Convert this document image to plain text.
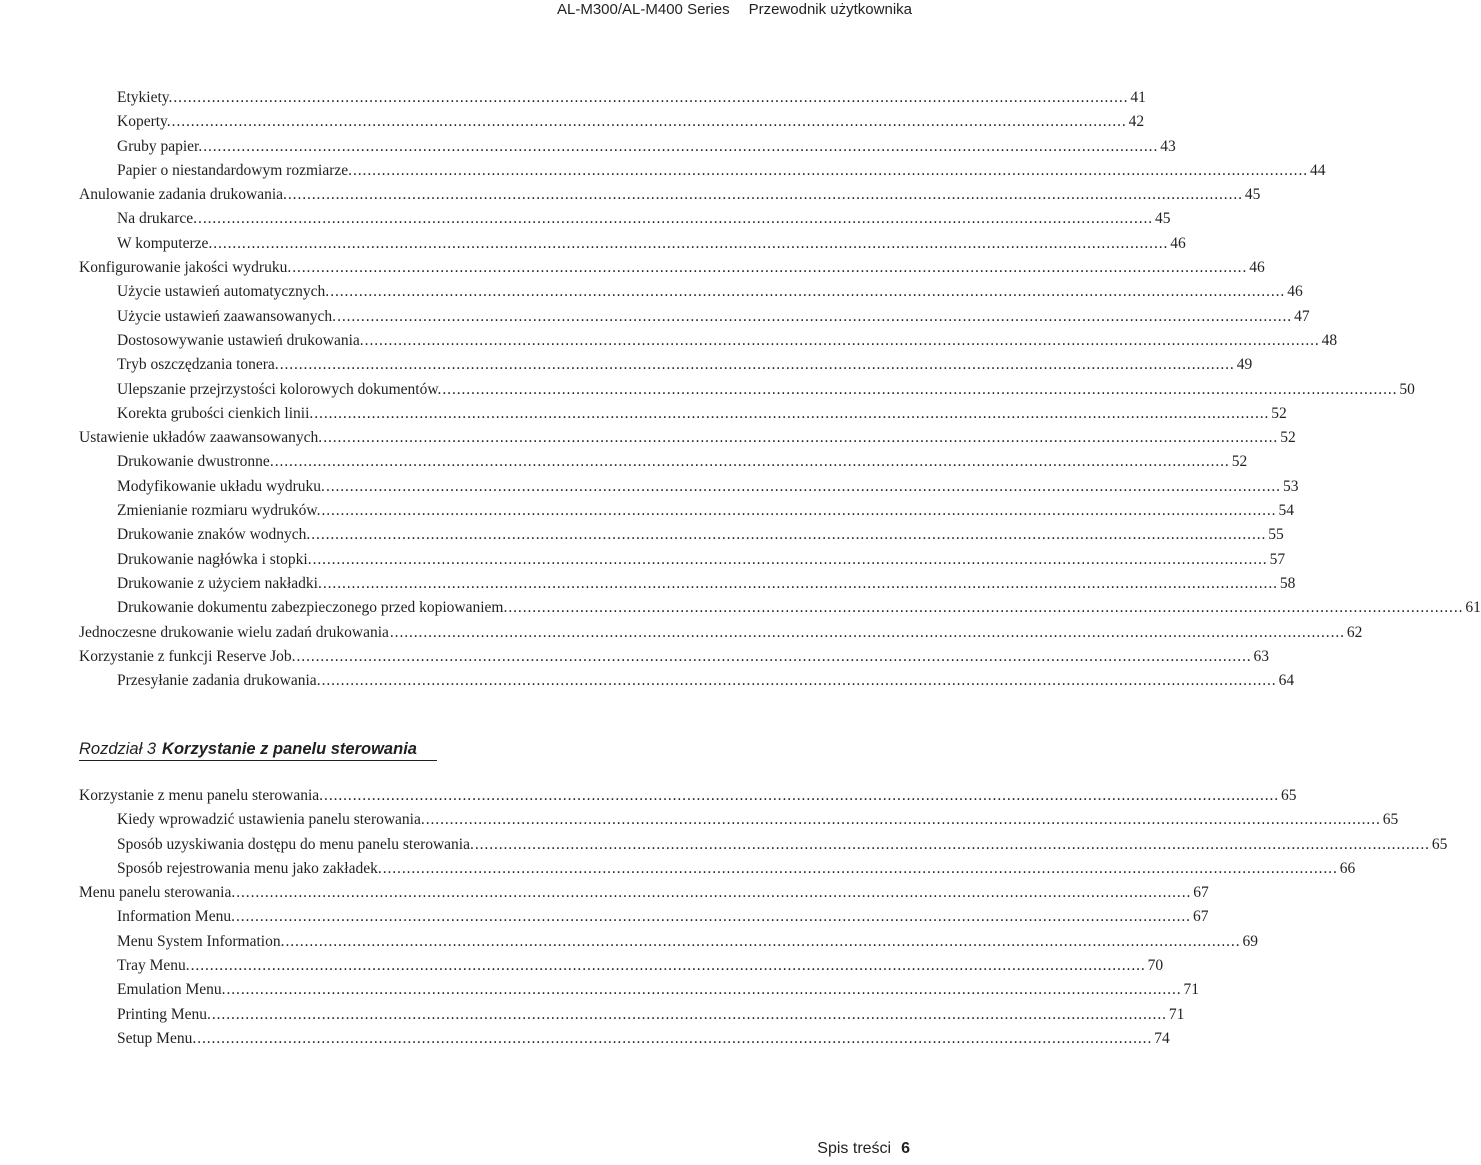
AL-M300/AL-M400 Series Przewodnik użytkownika
Etykiety. ........................................................................................................................................................................................................ 41
Koperty. ........................................................................................................................................................................................................ 42
Gruby papier. ........................................................................................................................................................................................................ 43
Papier o niestandardowym rozmiarze. ........................................................................................................................................................................................................ 44
Anulowanie zadania drukowania. ........................................................................................................................................................................................................ 45
Na drukarce. ........................................................................................................................................................................................................ 45
W komputerze. ........................................................................................................................................................................................................ 46
Konfigurowanie jakości wydruku. ........................................................................................................................................................................................................ 46
Użycie ustawień automatycznych. ........................................................................................................................................................................................................ 46
Użycie ustawień zaawansowanych. ........................................................................................................................................................................................................ 47
Dostosowywanie ustawień drukowania. ........................................................................................................................................................................................................ 48
Tryb oszczędzania tonera. ........................................................................................................................................................................................................ 49
Ulepszanie przejrzystości kolorowych dokumentów. ........................................................................................................................................................................................................ 50
Korekta grubości cienkich linii. ........................................................................................................................................................................................................ 52
Ustawienie układów zaawansowanych. ........................................................................................................................................................................................................ 52
Drukowanie dwustronne. ........................................................................................................................................................................................................ 52
Modyfikowanie układu wydruku. ........................................................................................................................................................................................................ 53
Zmienianie rozmiaru wydruków. ........................................................................................................................................................................................................ 54
Drukowanie znaków wodnych. ........................................................................................................................................................................................................ 55
Drukowanie nagłówka i stopki. ........................................................................................................................................................................................................ 57
Drukowanie z użyciem nakładki. ........................................................................................................................................................................................................ 58
Drukowanie dokumentu zabezpieczonego przed kopiowaniem. ........................................................................................................................................................................................................ 61
Jednoczesne drukowanie wielu zadań drukowania ........................................................................................................................................................................................................ 62
Korzystanie z funkcji Reserve Job. ........................................................................................................................................................................................................ 63
Przesyłanie zadania drukowania. ........................................................................................................................................................................................................ 64
Rozdział 3 Korzystanie z panelu sterowania
Korzystanie z menu panelu sterowania. ........................................................................................................................................................................................................ 65
Kiedy wprowadzić ustawienia panelu sterowania. ........................................................................................................................................................................................................ 65
Sposób uzyskiwania dostępu do menu panelu sterowania. ........................................................................................................................................................................................................ 65
Sposób rejestrowania menu jako zakładek. ........................................................................................................................................................................................................ 66
Menu panelu sterowania. ........................................................................................................................................................................................................ 67
Information Menu. ........................................................................................................................................................................................................ 67
Menu System Information. ........................................................................................................................................................................................................ 69
Tray Menu. ........................................................................................................................................................................................................ 70
Emulation Menu. ........................................................................................................................................................................................................ 71
Printing Menu. ........................................................................................................................................................................................................ 71
Setup Menu. ........................................................................................................................................................................................................ 74
Spis treści 6
